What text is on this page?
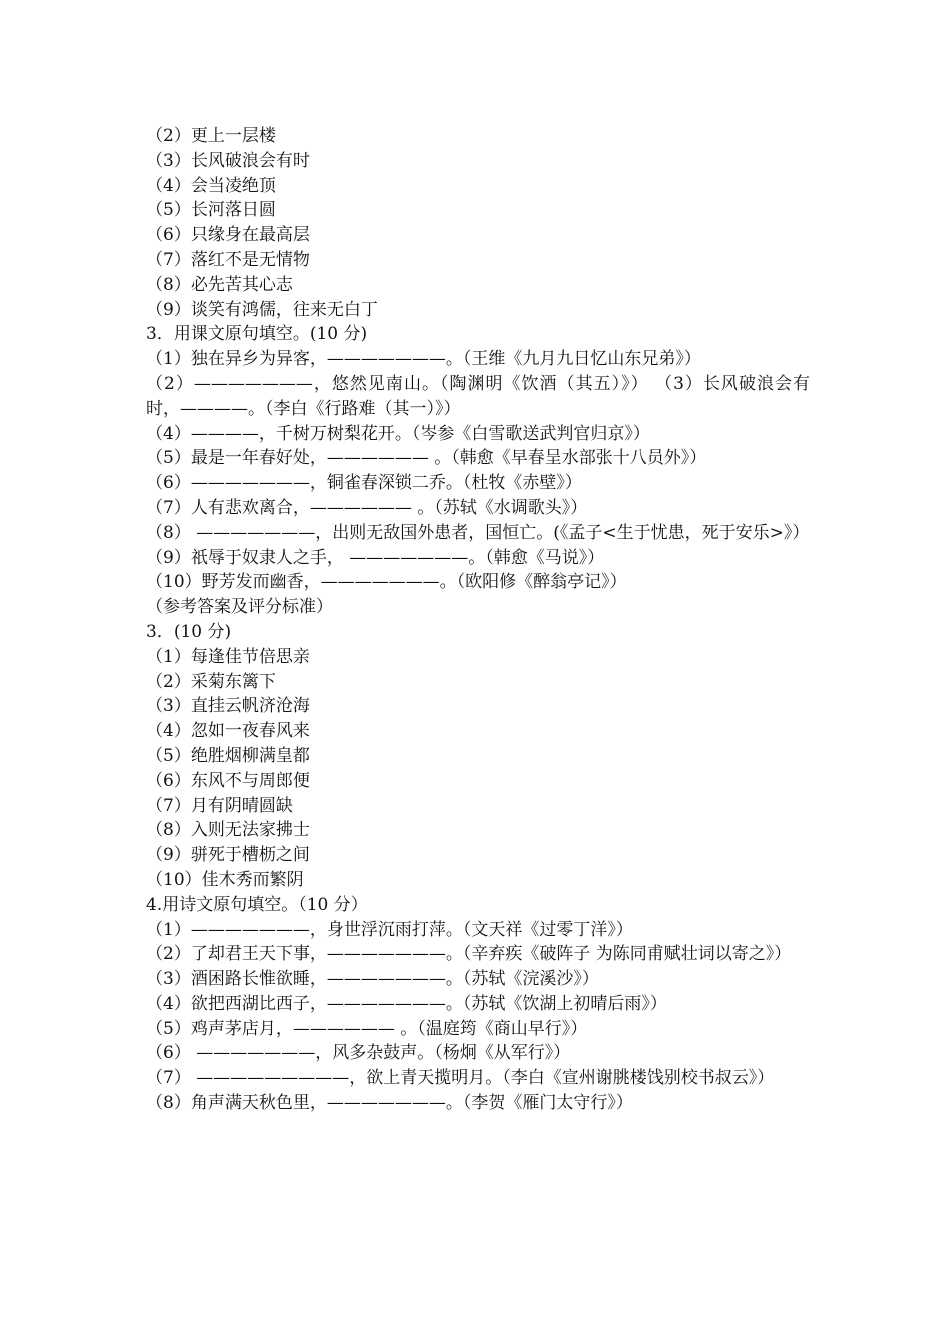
（2）更上一层楼
（3）长风破浪会有时
（4）会当凌绝顶
（5）长河落日圆
（6）只缘身在最高层
（7）落红不是无情物
（8）必先苦其心志
（9）谈笑有鸿儒，往来无白丁
3．用课文原句填空。(10 分)
（1）独在异乡为异客，———————。（王维《九月九日忆山东兄弟》）
（2）———————，悠然见南山。（陶渊明《饮酒（其五）》） （3）长风破浪会有时，————。（李白《行路难（其一）》）
（4）————，千树万树梨花开。（岑参《白雪歌送武判官归京》）
（5）最是一年春好处，—————— 。（韩愈《早春呈水部张十八员外》）
（6）———————，铜雀春深锁二乔。（杜牧《赤壁》）
（7）人有悲欢离合，—————— 。（苏轼《水调歌头》）
（8） ———————，出则无敌国外患者，国恒亡。(《孟子<生于忧患，死于安乐>》）
（9）祇辱于奴隶人之手， ———————。（韩愈《马说》）
（10）野芳发而幽香，———————。（欧阳修《醉翁亭记》）
（参考答案及评分标准）
3．(10 分)
（1）每逢佳节倍思亲
（2）采菊东篱下
（3）直挂云帆济沧海
（4）忽如一夜春风来
（5）绝胜烟柳满皇都
（6）东风不与周郎便
（7）月有阴晴圆缺
（8）入则无法家拂士
（9）骈死于槽枥之间
（10）佳木秀而繁阴
4.用诗文原句填空。（10 分）
（1）———————，身世浮沉雨打萍。（文天祥《过零丁洋》）
（2）了却君王天下事，———————。（辛弃疾《破阵子 为陈同甫赋壮词以寄之》）
（3）酒困路长惟欲睡，———————。（苏轼《浣溪沙》）
（4）欲把西湖比西子，———————。（苏轼《饮湖上初晴后雨》）
（5）鸡声茅店月，—————— 。（温庭筠《商山早行》）
（6） ———————，风多杂鼓声。（杨炯《从军行》）
（7） —————————，欲上青天揽明月。（李白《宣州谢朓楼饯别校书叔云》）
（8）角声满天秋色里，———————。（李贺《雁门太守行》）
